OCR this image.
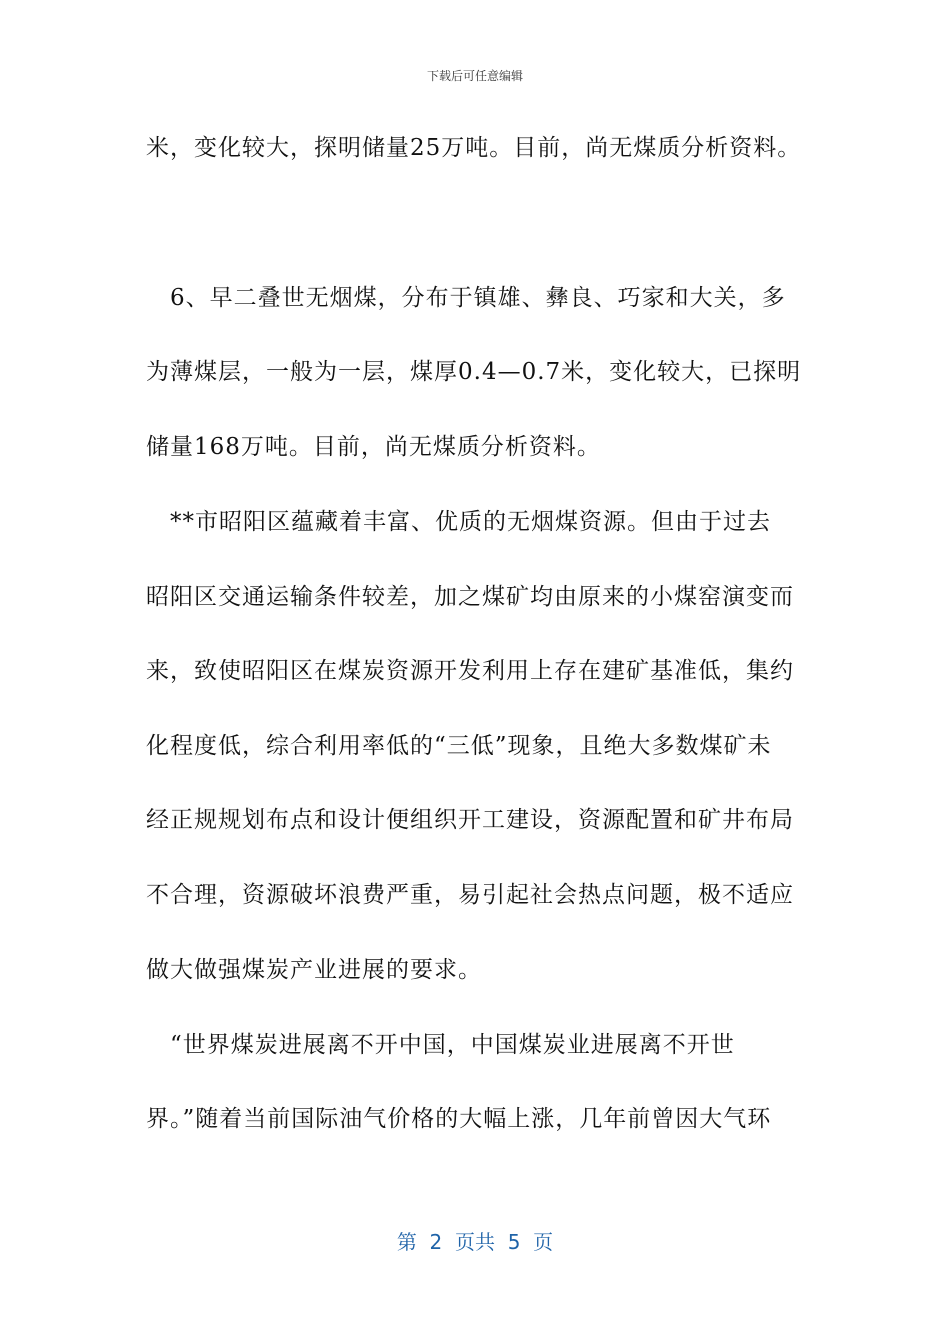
下载后可任意编辑
米，变化较大，探明储量25万吨。目前，尚无煤质分析资料。
　6、早二叠世无烟煤，分布于镇雄、彝良、巧家和大关，多
为薄煤层，一般为一层，煤厚0.4—0.7米，变化较大，已探明
储量168万吨。目前，尚无煤质分析资料。
　**市昭阳区蕴藏着丰富、优质的无烟煤资源。但由于过去
昭阳区交通运输条件较差，加之煤矿均由原来的小煤窑演变而
来，致使昭阳区在煤炭资源开发利用上存在建矿基准低，集约
化程度低，综合利用率低的“三低”现象，且绝大多数煤矿未
经正规规划布点和设计便组织开工建设，资源配置和矿井布局
不合理，资源破坏浪费严重，易引起社会热点问题，极不适应
做大做强煤炭产业进展的要求。
　“世界煤炭进展离不开中国，中国煤炭业进展离不开世
界。”随着当前国际油气价格的大幅上涨，几年前曾因大气环
第  2  页共  5  页
